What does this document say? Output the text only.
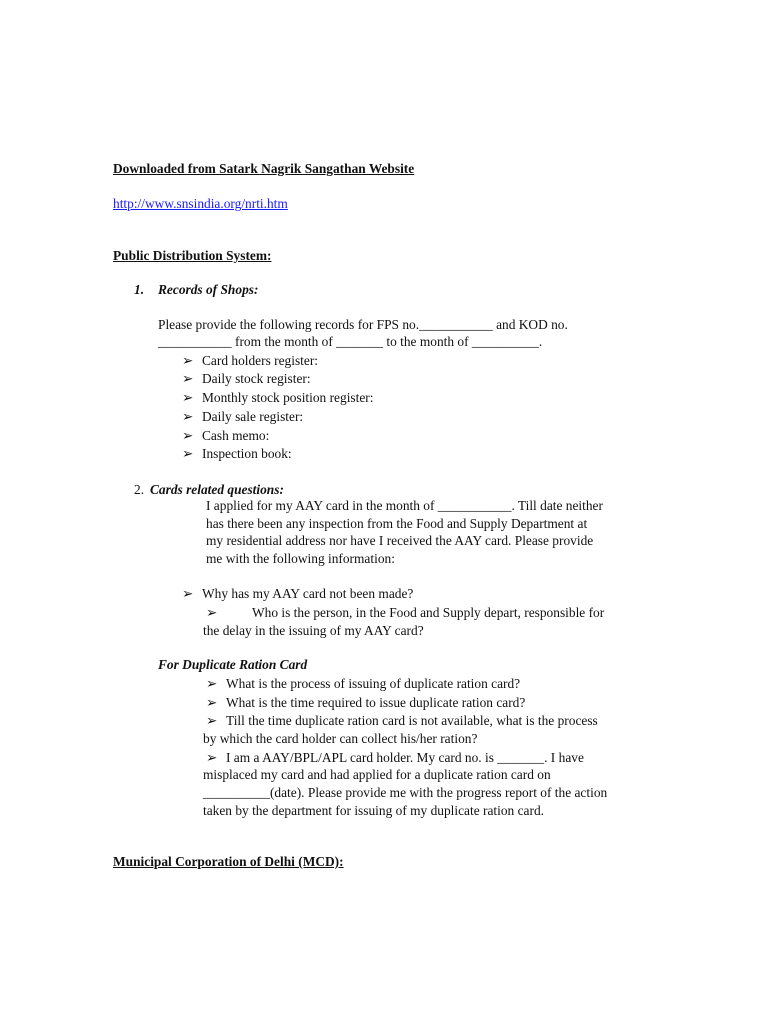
Downloaded from Satark Nagrik Sangathan Website
http://www.snsindia.org/nrti.htm
Public Distribution System:
1. Records of Shops:
Please provide the following records for FPS no.___________ and KOD no.
___________ from the month of _______ to the month of __________.
➢ Card holders register:
➢ Daily stock register:
➢ Monthly stock position register:
➢ Daily sale register:
➢ Cash memo:
➢ Inspection book:
2. Cards related questions:
I applied for my AAY card in the month of ___________. Till date neither
has there been any inspection from the Food and Supply Department at
my residential address nor have I received the AAY card. Please provide
me with the following information:
➢ Why has my AAY card not been made?
➢	Who is the person, in the Food and Supply depart, responsible for
the delay in the issuing of my AAY card?
For Duplicate Ration Card
➢ What is the process of issuing of duplicate ration card?
➢ What is the time required to issue duplicate ration card?
➢ Till the time duplicate ration card is not available, what is the process
by which the card holder can collect his/her ration?
➢ I am a AAY/BPL/APL card holder. My card no. is _______. I have
misplaced my card and had applied for a duplicate ration card on
__________(date). Please provide me with the progress report of the action
taken by the department for issuing of my duplicate ration card.
Municipal Corporation of Delhi (MCD):
